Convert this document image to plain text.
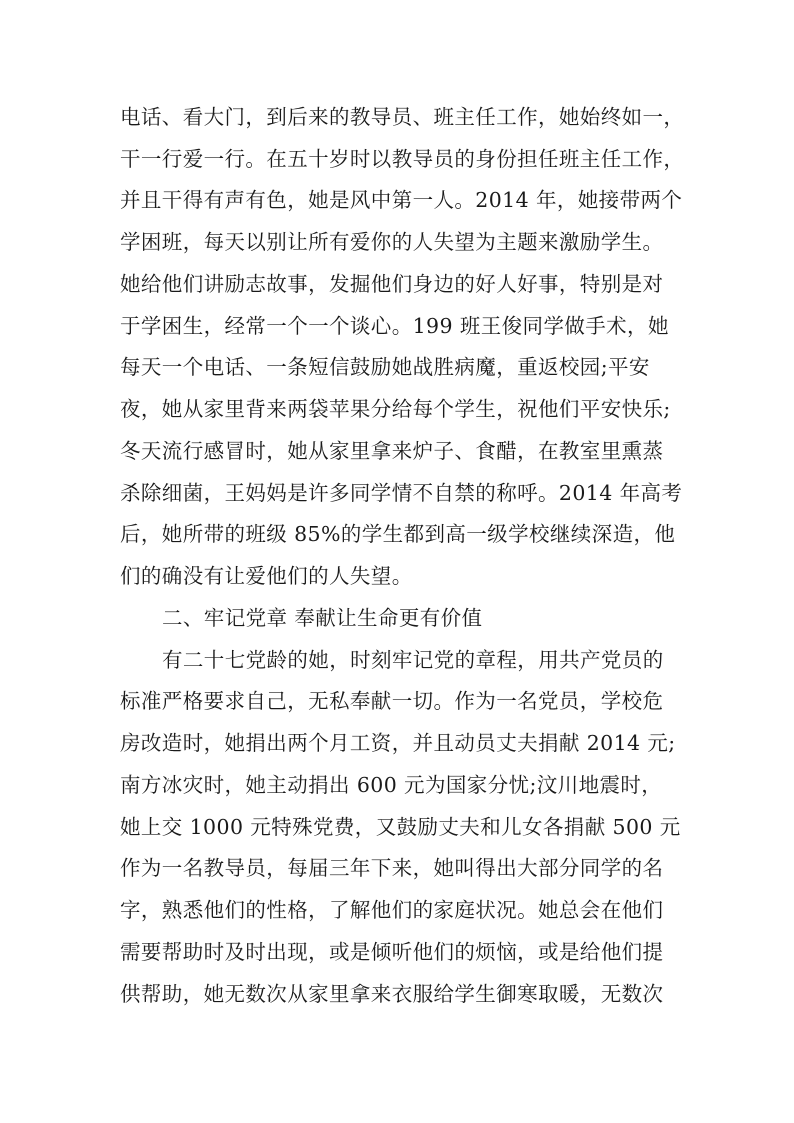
电话、看大门，到后来的教导员、班主任工作，她始终如一，
干一行爱一行。在五十岁时以教导员的身份担任班主任工作，
并且干得有声有色，她是风中第一人。2014 年，她接带两个
学困班，每天以别让所有爱你的人失望为主题来激励学生。
她给他们讲励志故事，发掘他们身边的好人好事，特别是对
于学困生，经常一个一个谈心。199 班王俊同学做手术，她
每天一个电话、一条短信鼓励她战胜病魔，重返校园;平安
夜，她从家里背来两袋苹果分给每个学生，祝他们平安快乐;
冬天流行感冒时，她从家里拿来炉子、食醋，在教室里熏蒸
杀除细菌，王妈妈是许多同学情不自禁的称呼。2014 年高考
后，她所带的班级 85%的学生都到高一级学校继续深造，他
们的确没有让爱他们的人失望。
二、牢记党章 奉献让生命更有价值
有二十七党龄的她，时刻牢记党的章程，用共产党员的
标准严格要求自己，无私奉献一切。作为一名党员，学校危
房改造时，她捐出两个月工资，并且动员丈夫捐献 2014 元;
南方冰灾时，她主动捐出 600 元为国家分忧;汶川地震时，
她上交 1000 元特殊党费，又鼓励丈夫和儿女各捐献 500 元
作为一名教导员，每届三年下来，她叫得出大部分同学的名
字，熟悉他们的性格，了解他们的家庭状况。她总会在他们
需要帮助时及时出现，或是倾听他们的烦恼，或是给他们提
供帮助，她无数次从家里拿来衣服给学生御寒取暖，无数次
